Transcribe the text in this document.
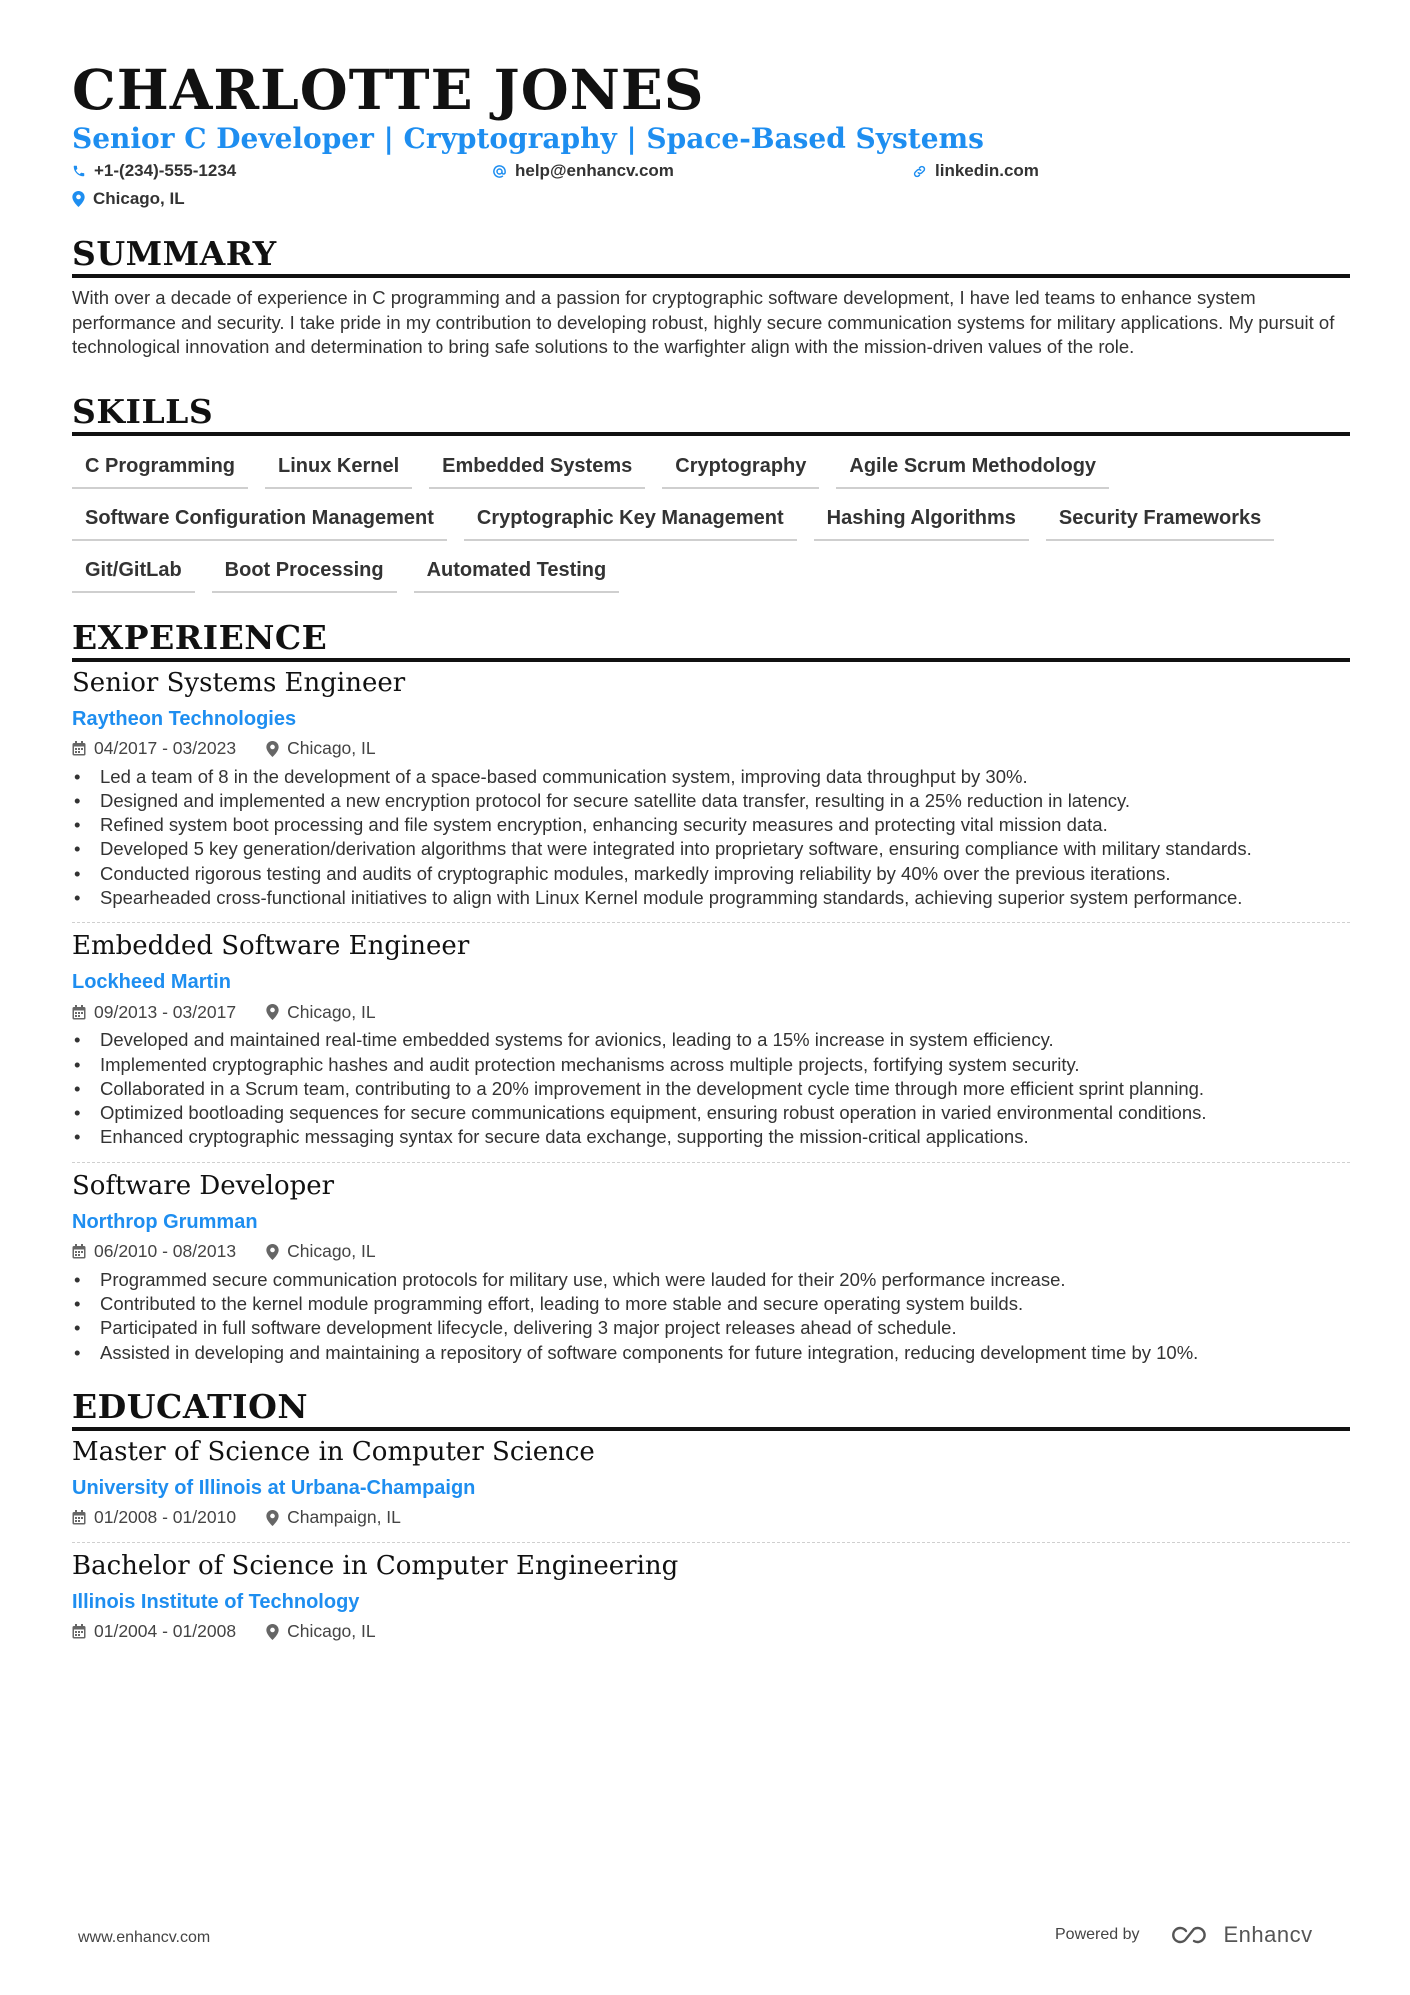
CHARLOTTE JONES
Senior C Developer | Cryptography | Space-Based Systems
+1-(234)-555-1234	help@enhancv.com	linkedin.com
Chicago, IL
SUMMARY
With over a decade of experience in C programming and a passion for cryptographic software development, I have led teams to enhance system performance and security. I take pride in my contribution to developing robust, highly secure communication systems for military applications. My pursuit of technological innovation and determination to bring safe solutions to the warfighter align with the mission-driven values of the role.
SKILLS
C Programming	Linux Kernel	Embedded Systems	Cryptography	Agile Scrum Methodology
Software Configuration Management	Cryptographic Key Management	Hashing Algorithms	Security Frameworks
Git/GitLab	Boot Processing	Automated Testing
EXPERIENCE
Senior Systems Engineer
Raytheon Technologies
04/2017 - 03/2023	Chicago, IL
• Led a team of 8 in the development of a space-based communication system, improving data throughput by 30%.
• Designed and implemented a new encryption protocol for secure satellite data transfer, resulting in a 25% reduction in latency.
• Refined system boot processing and file system encryption, enhancing security measures and protecting vital mission data.
• Developed 5 key generation/derivation algorithms that were integrated into proprietary software, ensuring compliance with military standards.
• Conducted rigorous testing and audits of cryptographic modules, markedly improving reliability by 40% over the previous iterations.
• Spearheaded cross-functional initiatives to align with Linux Kernel module programming standards, achieving superior system performance.
Embedded Software Engineer
Lockheed Martin
09/2013 - 03/2017	Chicago, IL
• Developed and maintained real-time embedded systems for avionics, leading to a 15% increase in system efficiency.
• Implemented cryptographic hashes and audit protection mechanisms across multiple projects, fortifying system security.
• Collaborated in a Scrum team, contributing to a 20% improvement in the development cycle time through more efficient sprint planning.
• Optimized bootloading sequences for secure communications equipment, ensuring robust operation in varied environmental conditions.
• Enhanced cryptographic messaging syntax for secure data exchange, supporting the mission-critical applications.
Software Developer
Northrop Grumman
06/2010 - 08/2013	Chicago, IL
• Programmed secure communication protocols for military use, which were lauded for their 20% performance increase.
• Contributed to the kernel module programming effort, leading to more stable and secure operating system builds.
• Participated in full software development lifecycle, delivering 3 major project releases ahead of schedule.
• Assisted in developing and maintaining a repository of software components for future integration, reducing development time by 10%.
EDUCATION
Master of Science in Computer Science
University of Illinois at Urbana-Champaign
01/2008 - 01/2010	Champaign, IL
Bachelor of Science in Computer Engineering
Illinois Institute of Technology
01/2004 - 01/2008	Chicago, IL
www.enhancv.com	Powered by	Enhancv
